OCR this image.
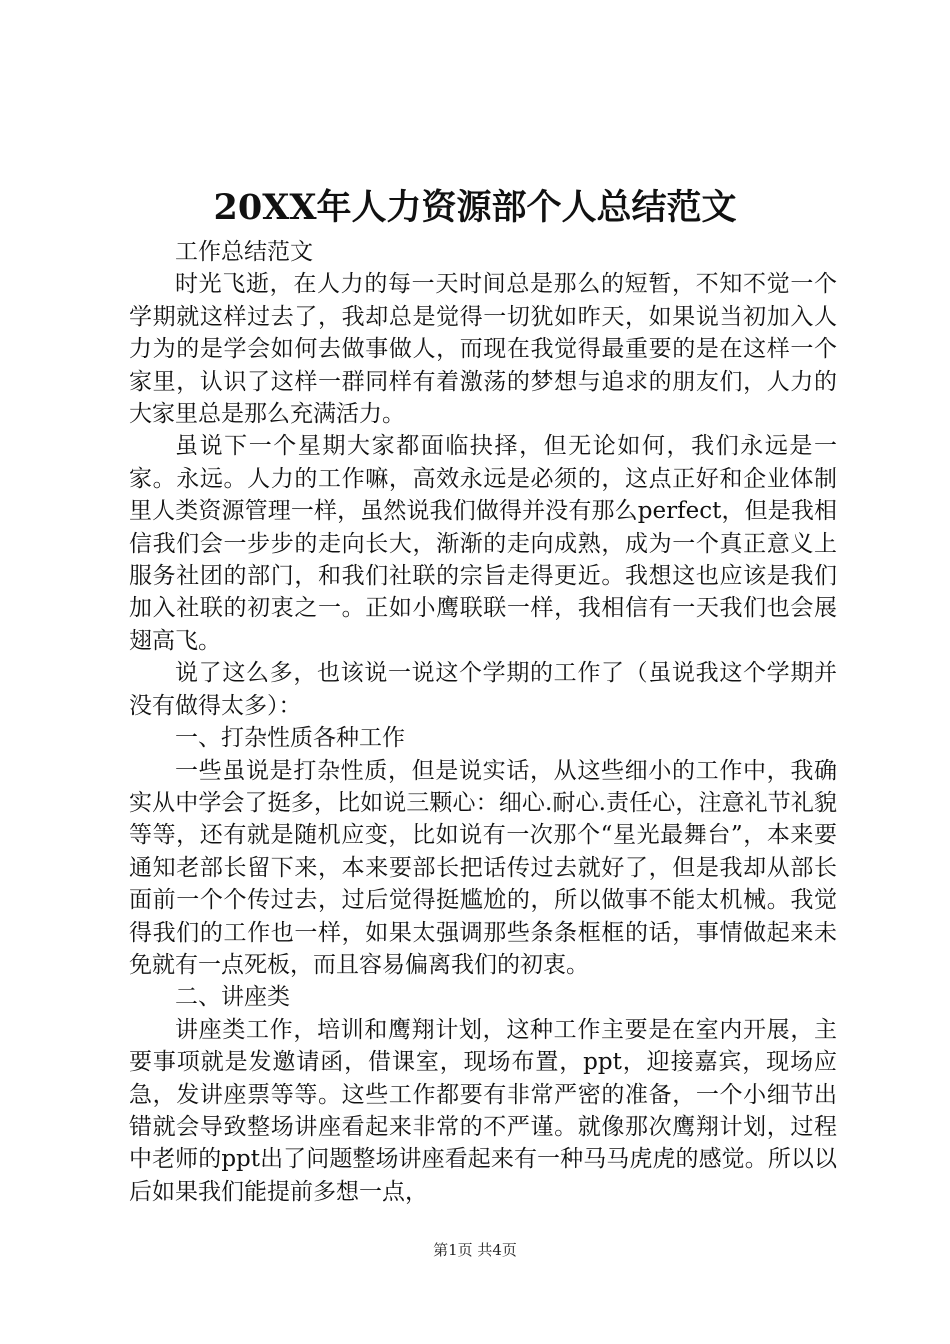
20XX年人力资源部个人总结范文

工作总结范文

时光飞逝，在人力的每一天时间总是那么的短暂，不知不觉一个学期就这样过去了，我却总是觉得一切犹如昨天，如果说当初加入人力为的是学会如何去做事做人，而现在我觉得最重要的是在这样一个家里，认识了这样一群同样有着激荡的梦想与追求的朋友们，人力的大家里总是那么充满活力。

虽说下一个星期大家都面临抉择，但无论如何，我们永远是一家。永远。人力的工作嘛，高效永远是必须的，这点正好和企业体制里人类资源管理一样，虽然说我们做得并没有那么perfect，但是我相信我们会一步步的走向长大，渐渐的走向成熟，成为一个真正意义上服务社团的部门，和我们社联的宗旨走得更近。我想这也应该是我们加入社联的初衷之一。正如小鹰联联一样，我相信有一天我们也会展翅高飞。

说了这么多，也该说一说这个学期的工作了（虽说我这个学期并没有做得太多）：

一、打杂性质各种工作

一些虽说是打杂性质，但是说实话，从这些细小的工作中，我确实从中学会了挺多，比如说三颗心：细心.耐心.责任心，注意礼节礼貌等等，还有就是随机应变，比如说有一次那个“星光最舞台”，本来要通知老部长留下来，本来要部长把话传过去就好了，但是我却从部长面前一个个传过去，过后觉得挺尴尬的，所以做事不能太机械。我觉得我们的工作也一样，如果太强调那些条条框框的话，事情做起来未免就有一点死板，而且容易偏离我们的初衷。

二、讲座类

讲座类工作，培训和鹰翔计划，这种工作主要是在室内开展，主要事项就是发邀请函，借课室，现场布置，ppt，迎接嘉宾，现场应急，发讲座票等等。这些工作都要有非常严密的准备，一个小细节出错就会导致整场讲座看起来非常的不严谨。就像那次鹰翔计划，过程中老师的ppt出了问题整场讲座看起来有一种马马虎虎的感觉。所以以后如果我们能提前多想一点，

第1页 共4页
